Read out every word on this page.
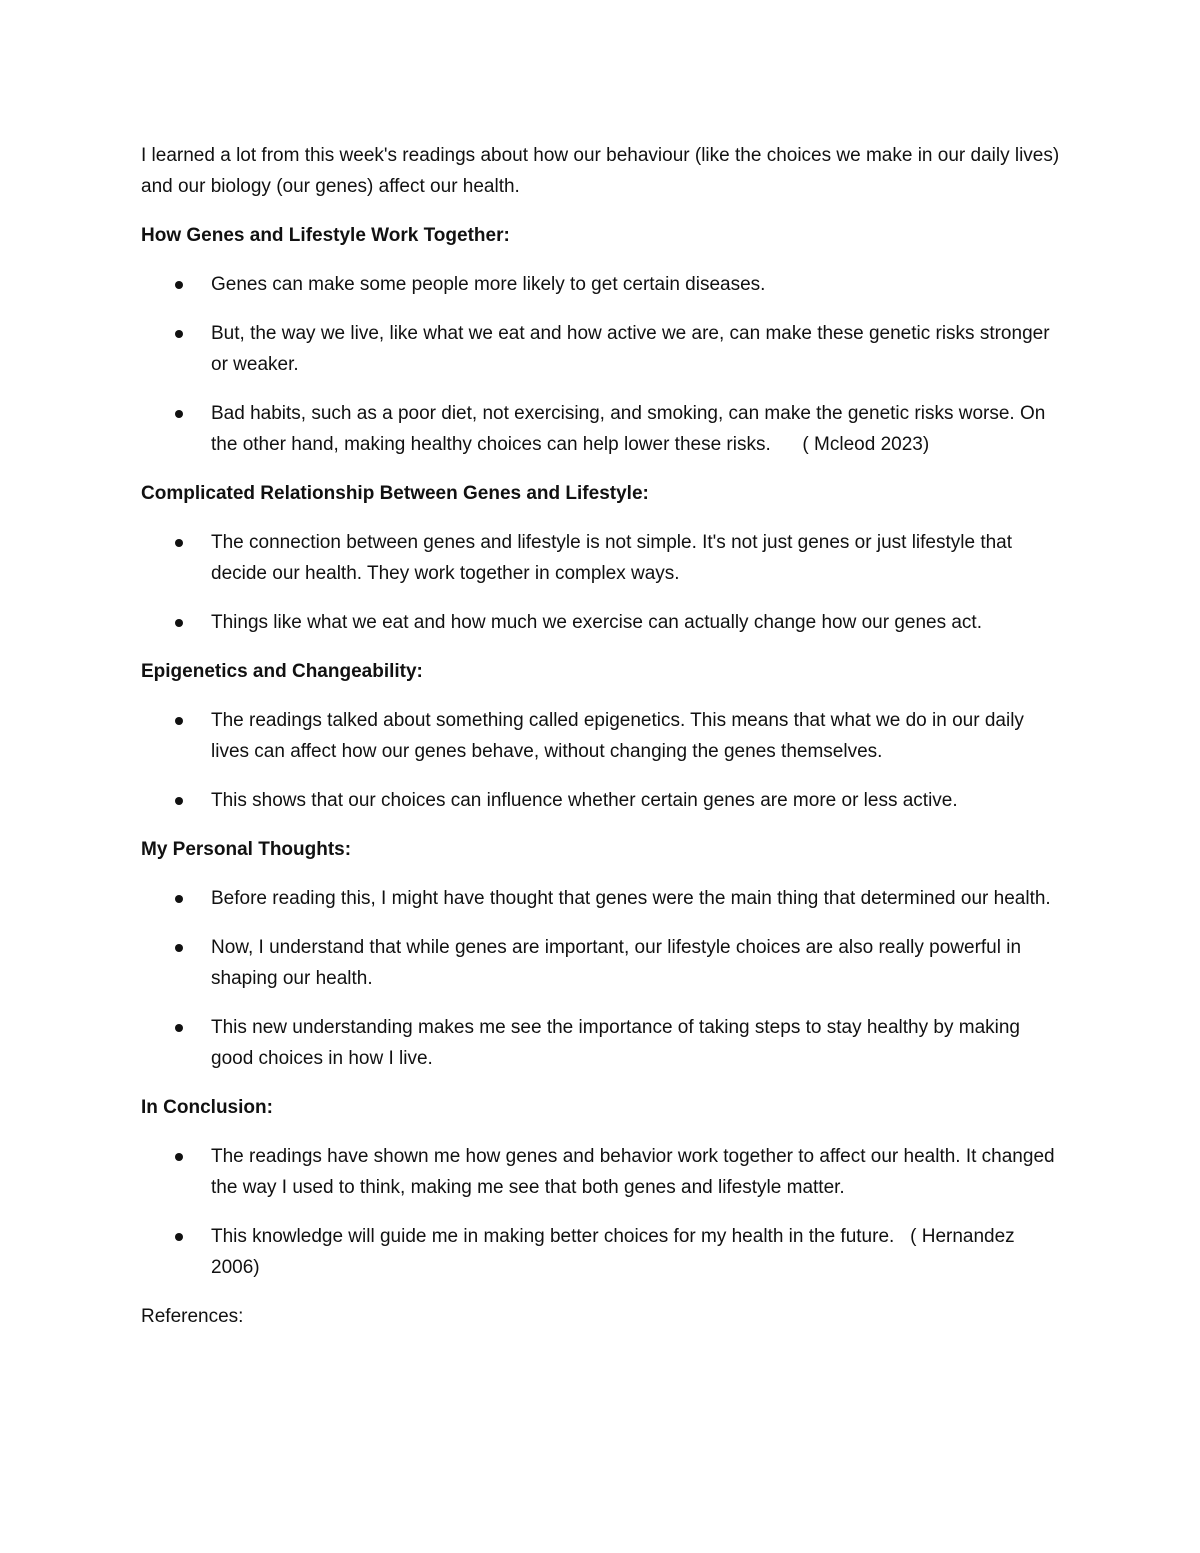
I learned a lot from this week's readings about how our behaviour (like the choices we make in our daily lives) and our biology (our genes) affect our health.

How Genes and Lifestyle Work Together:

Genes can make some people more likely to get certain diseases.
But, the way we live, like what we eat and how active we are, can make these genetic risks stronger or weaker.
Bad habits, such as a poor diet, not exercising, and smoking, can make the genetic risks worse. On the other hand, making healthy choices can help lower these risks.      ( Mcleod 2023)

Complicated Relationship Between Genes and Lifestyle:

The connection between genes and lifestyle is not simple. It's not just genes or just lifestyle that decide our health. They work together in complex ways.
Things like what we eat and how much we exercise can actually change how our genes act.

Epigenetics and Changeability:

The readings talked about something called epigenetics. This means that what we do in our daily lives can affect how our genes behave, without changing the genes themselves.
This shows that our choices can influence whether certain genes are more or less active.

My Personal Thoughts:

Before reading this, I might have thought that genes were the main thing that determined our health.
Now, I understand that while genes are important, our lifestyle choices are also really powerful in shaping our health.
This new understanding makes me see the importance of taking steps to stay healthy by making good choices in how I live.

In Conclusion:

The readings have shown me how genes and behavior work together to affect our health. It changed the way I used to think, making me see that both genes and lifestyle matter.
This knowledge will guide me in making better choices for my health in the future.   ( Hernandez 2006)

References:
